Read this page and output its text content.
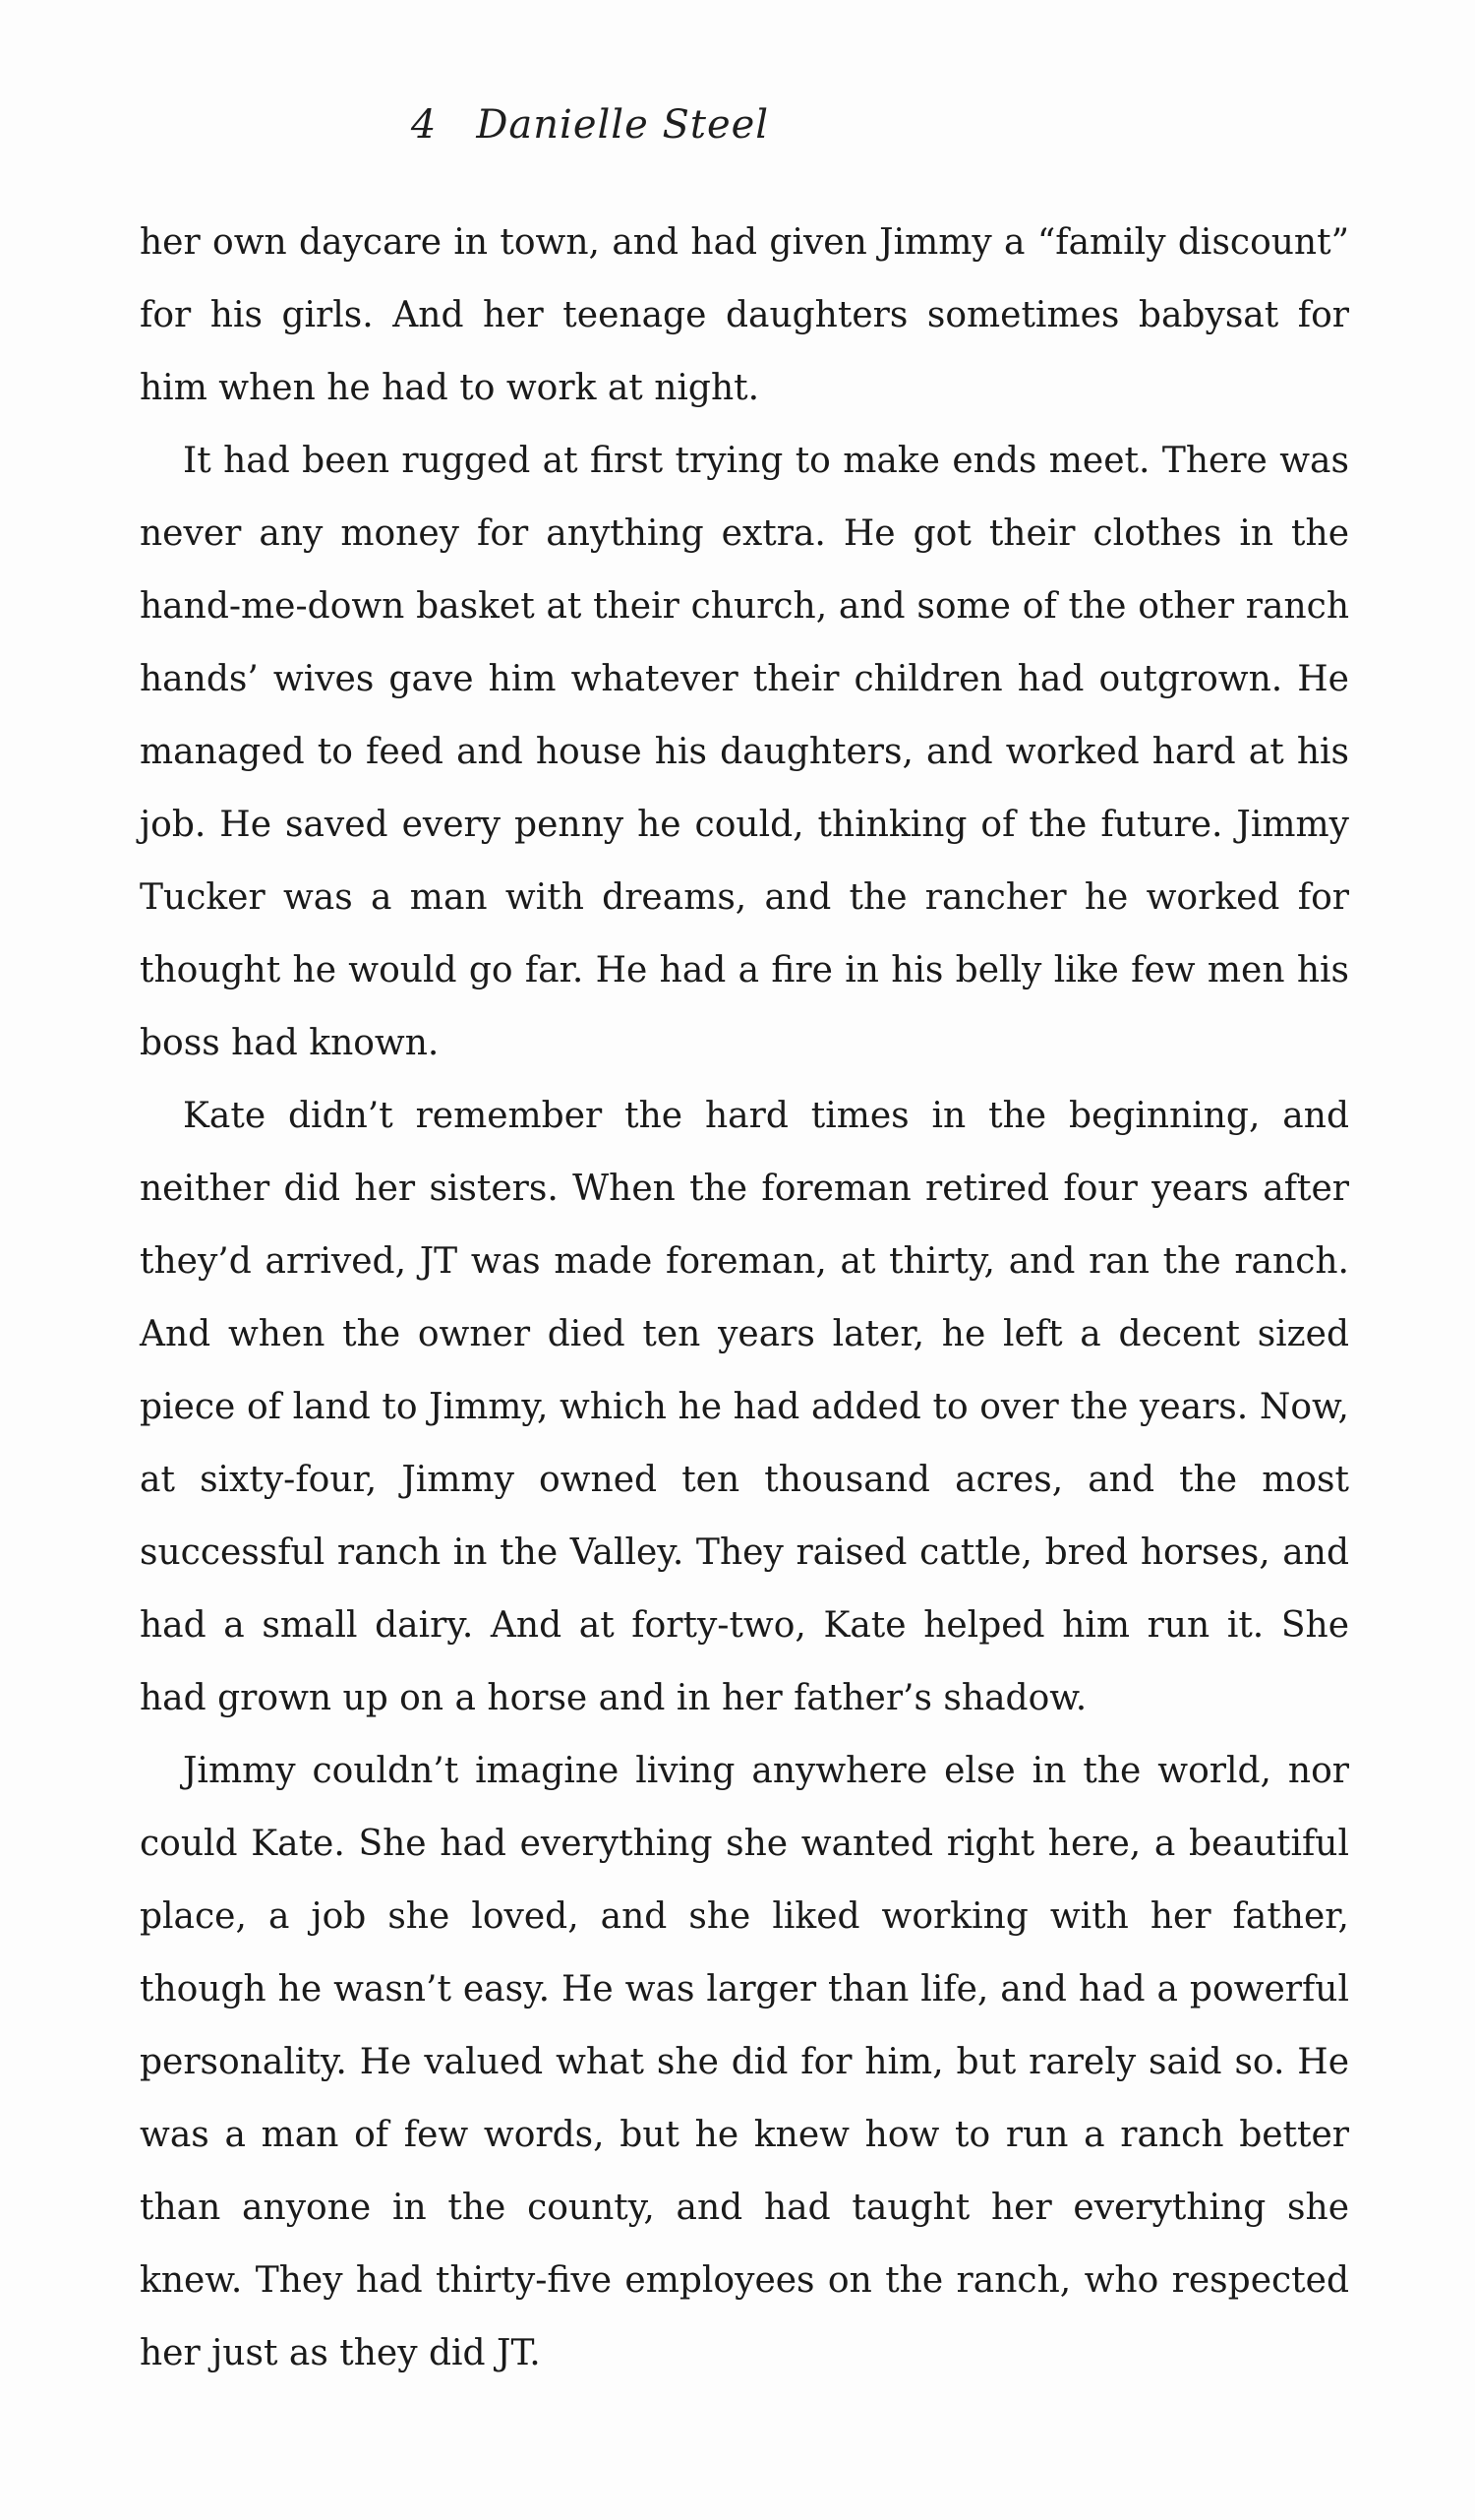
4 Danielle Steel

her own daycare in town, and had given Jimmy a “family discount” for his girls. And her teenage daughters sometimes babysat for him when he had to work at night.

It had been rugged at first trying to make ends meet. There was never any money for anything extra. He got their clothes in the hand-me-down basket at their church, and some of the other ranch hands’ wives gave him whatever their children had outgrown. He managed to feed and house his daughters, and worked hard at his job. He saved every penny he could, thinking of the future. Jimmy Tucker was a man with dreams, and the rancher he worked for thought he would go far. He had a fire in his belly like few men his boss had known.

Kate didn’t remember the hard times in the beginning, and neither did her sisters. When the foreman retired four years after they’d arrived, JT was made foreman, at thirty, and ran the ranch. And when the owner died ten years later, he left a decent sized piece of land to Jimmy, which he had added to over the years. Now, at sixty-four, Jimmy owned ten thousand acres, and the most successful ranch in the Valley. They raised cattle, bred horses, and had a small dairy. And at forty-two, Kate helped him run it. She had grown up on a horse and in her father’s shadow.

Jimmy couldn’t imagine living anywhere else in the world, nor could Kate. She had everything she wanted right here, a beautiful place, a job she loved, and she liked working with her father, though he wasn’t easy. He was larger than life, and had a powerful personality. He valued what she did for him, but rarely said so. He was a man of few words, but he knew how to run a ranch better than anyone in the county, and had taught her everything she knew. They had thirty-five employees on the ranch, who respected her just as they did JT.
